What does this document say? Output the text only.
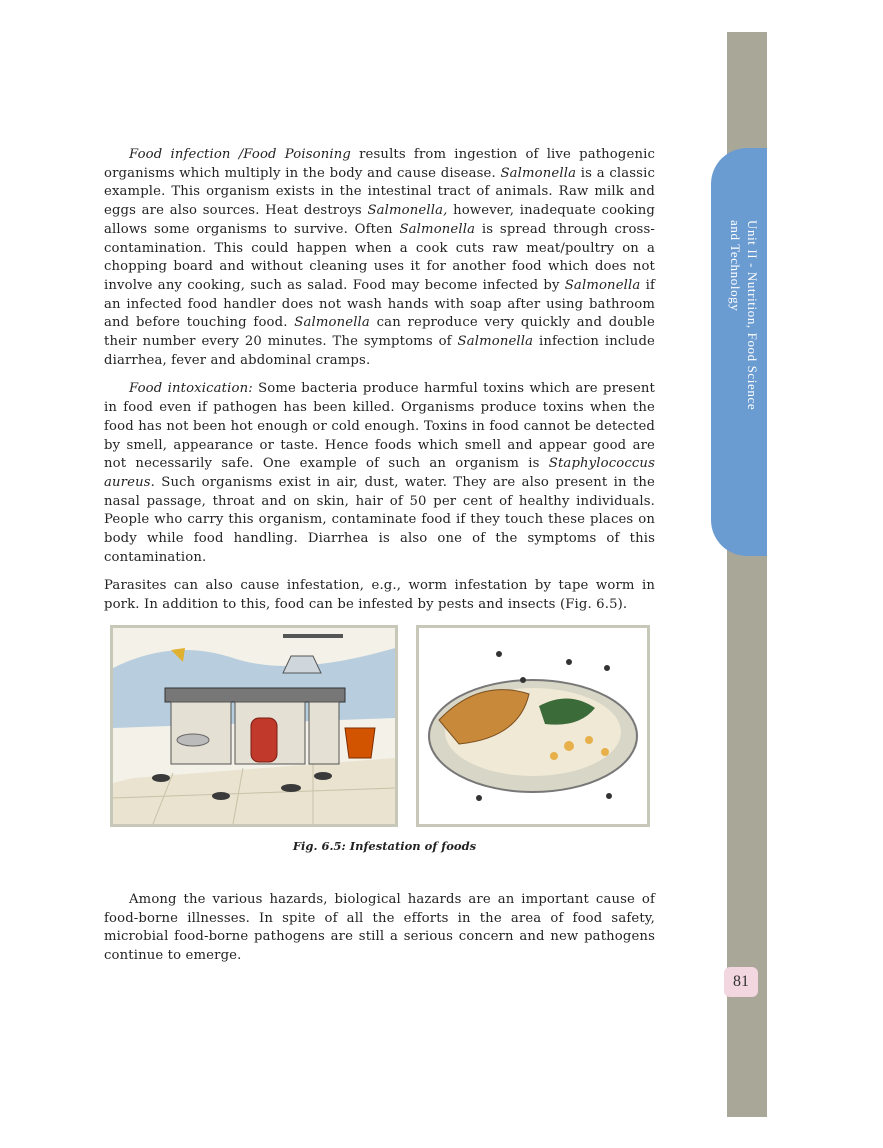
Unit II - Nutrition, Food Science
and Technology
81

Food infection /Food Poisoning results from ingestion of live pathogenic organisms which multiply in the body and cause disease. Salmonella is a classic example. This organism exists in the intestinal tract of animals. Raw milk and eggs are also sources. Heat destroys Salmonella, however, inadequate cooking allows some organisms to survive. Often Salmonella is spread through cross-contamination. This could happen when a cook cuts raw meat/poultry on a chopping board and without cleaning uses it for another food which does not involve any cooking, such as salad. Food may become infected by Salmonella if an infected food handler does not wash hands with soap after using bathroom and before touching food. Salmonella can reproduce very quickly and double their number every 20 minutes. The symptoms of Salmonella infection include diarrhea, fever and abdominal cramps.

Food intoxication: Some bacteria produce harmful toxins which are present in food even if pathogen has been killed. Organisms produce toxins when the food has not been hot enough or cold enough. Toxins in food cannot be detected by smell, appearance or taste. Hence foods which smell and appear good are not necessarily safe. One example of such an organism is Staphylococcus aureus. Such organisms exist in air, dust, water. They are also present in the nasal passage, throat and on skin, hair of 50 per cent of healthy individuals. People who carry this organism, contaminate food if they touch these places on body while food handling. Diarrhea is also one of the symptoms of this contamination.

Parasites can also cause infestation, e.g., worm infestation by tape worm in pork. In addition to this, food can be infested by pests and insects (Fig. 6.5).

Fig. 6.5: Infestation of foods

Among the various hazards, biological hazards are an important cause of food-borne illnesses. In spite of all the efforts in the area of food safety, microbial food-borne pathogens are still a serious concern and new pathogens continue to emerge.
